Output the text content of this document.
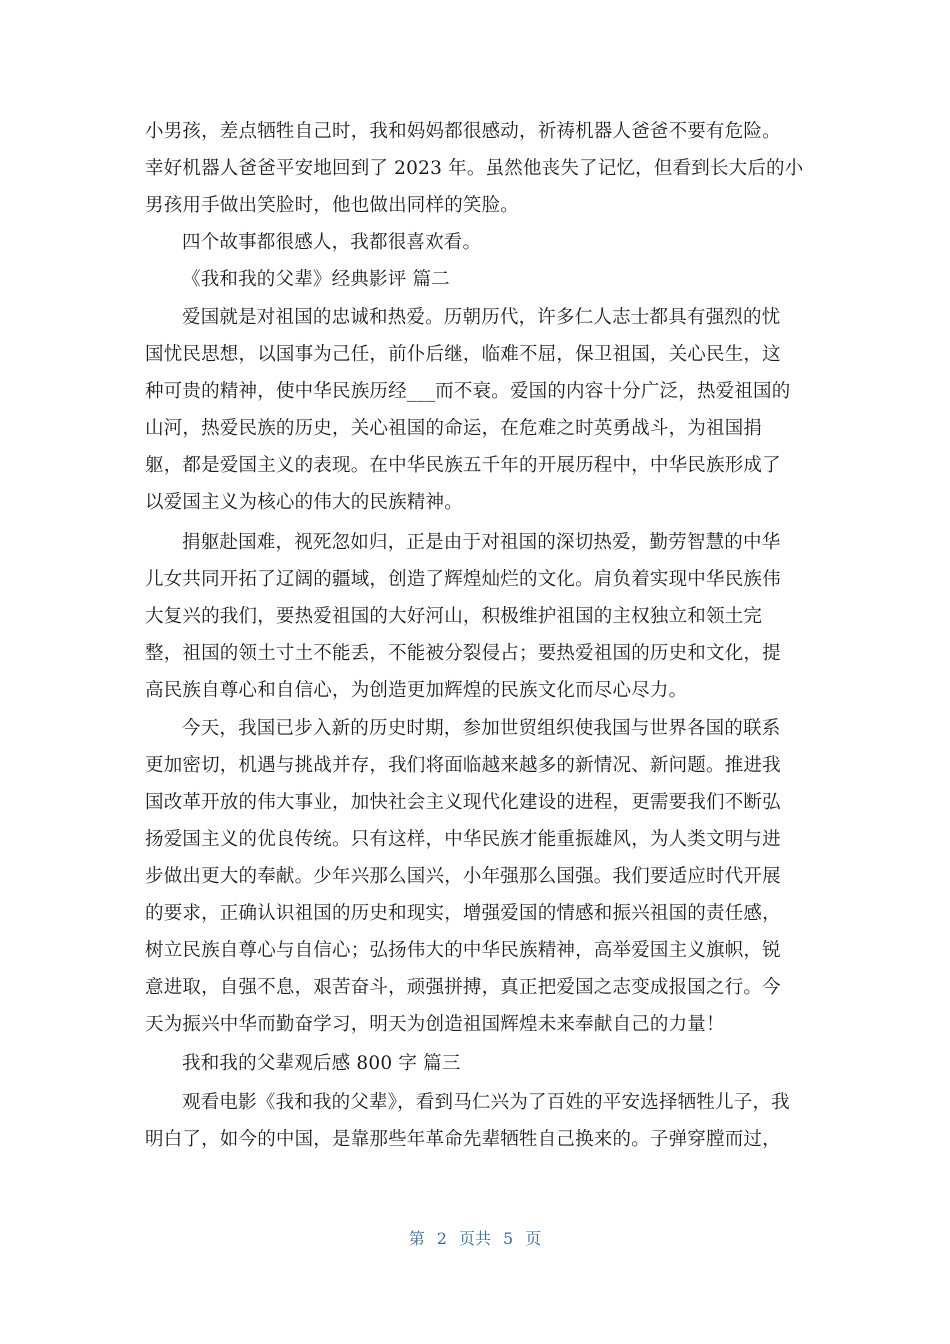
小男孩，差点牺牲自己时，我和妈妈都很感动，祈祷机器人爸爸不要有危险。
幸好机器人爸爸平安地回到了 2023 年。虽然他丧失了记忆，但看到长大后的小
男孩用手做出笑脸时，他也做出同样的笑脸。
四个故事都很感人，我都很喜欢看。
《我和我的父辈》经典影评 篇二
爱国就是对祖国的忠诚和热爱。历朝历代，许多仁人志士都具有强烈的忧
国忧民思想，以国事为己任，前仆后继，临难不屈，保卫祖国，关心民生，这
种可贵的精神，使中华民族历经___而不衰。爱国的内容十分广泛，热爱祖国的
山河，热爱民族的历史，关心祖国的命运，在危难之时英勇战斗，为祖国捐
躯，都是爱国主义的表现。在中华民族五千年的开展历程中，中华民族形成了
以爱国主义为核心的伟大的民族精神。
捐躯赴国难，视死忽如归，正是由于对祖国的深切热爱，勤劳智慧的中华
儿女共同开拓了辽阔的疆域，创造了辉煌灿烂的文化。肩负着实现中华民族伟
大复兴的我们，要热爱祖国的大好河山，积极维护祖国的主权独立和领土完
整，祖国的领土寸土不能丢，不能被分裂侵占；要热爱祖国的历史和文化，提
高民族自尊心和自信心，为创造更加辉煌的民族文化而尽心尽力。
今天，我国已步入新的历史时期，参加世贸组织使我国与世界各国的联系
更加密切，机遇与挑战并存，我们将面临越来越多的新情况、新问题。推进我
国改革开放的伟大事业，加快社会主义现代化建设的进程，更需要我们不断弘
扬爱国主义的优良传统。只有这样，中华民族才能重振雄风，为人类文明与进
步做出更大的奉献。少年兴那么国兴，小年强那么国强。我们要适应时代开展
的要求，正确认识祖国的历史和现实，增强爱国的情感和振兴祖国的责任感，
树立民族自尊心与自信心；弘扬伟大的中华民族精神，高举爱国主义旗帜，锐
意进取，自强不息，艰苦奋斗，顽强拼搏，真正把爱国之志变成报国之行。今
天为振兴中华而勤奋学习，明天为创造祖国辉煌未来奉献自己的力量！
我和我的父辈观后感 800 字 篇三
观看电影《我和我的父辈》，看到马仁兴为了百姓的平安选择牺牲儿子，我
明白了，如今的中国，是靠那些年革命先辈牺牲自己换来的。子弹穿膛而过，
第 2 页共 5 页
